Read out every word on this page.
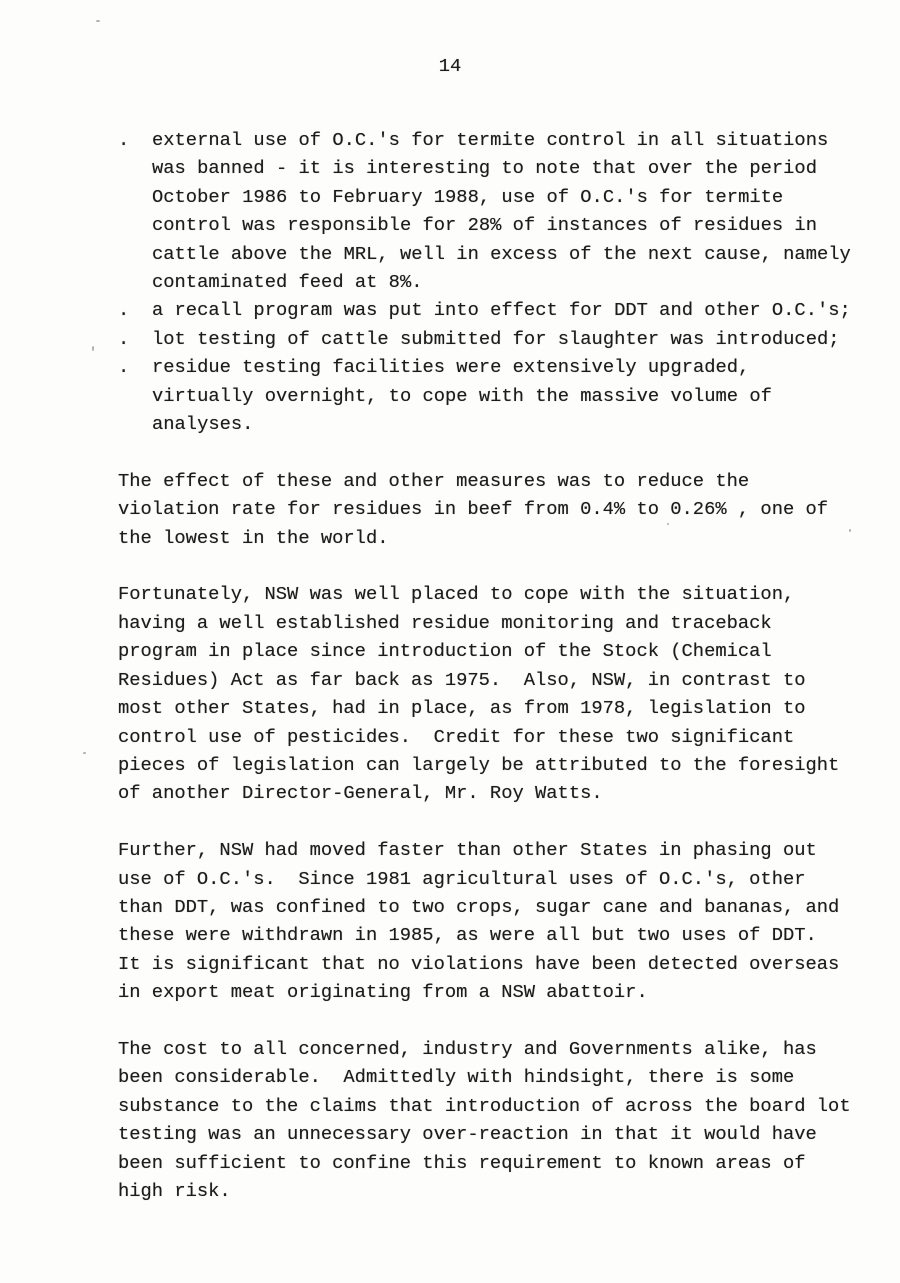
14
. external use of O.C.'s for termite control in all situations
was banned - it is interesting to note that over the period
October 1986 to February 1988, use of O.C.'s for termite
control was responsible for 28% of instances of residues in
cattle above the MRL, well in excess of the next cause, namely
contaminated feed at 8%.
. a recall program was put into effect for DDT and other O.C.'s;
. lot testing of cattle submitted for slaughter was introduced;
. residue testing facilities were extensively upgraded,
virtually overnight, to cope with the massive volume of
analyses.
The effect of these and other measures was to reduce the
violation rate for residues in beef from 0.4% to 0.26% , one of
the lowest in the world.
Fortunately, NSW was well placed to cope with the situation,
having a well established residue monitoring and traceback
program in place since introduction of the Stock (Chemical
Residues) Act as far back as 1975.  Also, NSW, in contrast to
most other States, had in place, as from 1978, legislation to
control use of pesticides.  Credit for these two significant
pieces of legislation can largely be attributed to the foresight
of another Director-General, Mr. Roy Watts.
Further, NSW had moved faster than other States in phasing out
use of O.C.'s.  Since 1981 agricultural uses of O.C.'s, other
than DDT, was confined to two crops, sugar cane and bananas, and
these were withdrawn in 1985, as were all but two uses of DDT.
It is significant that no violations have been detected overseas
in export meat originating from a NSW abattoir.
The cost to all concerned, industry and Governments alike, has
been considerable.  Admittedly with hindsight, there is some
substance to the claims that introduction of across the board lot
testing was an unnecessary over-reaction in that it would have
been sufficient to confine this requirement to known areas of
high risk.
